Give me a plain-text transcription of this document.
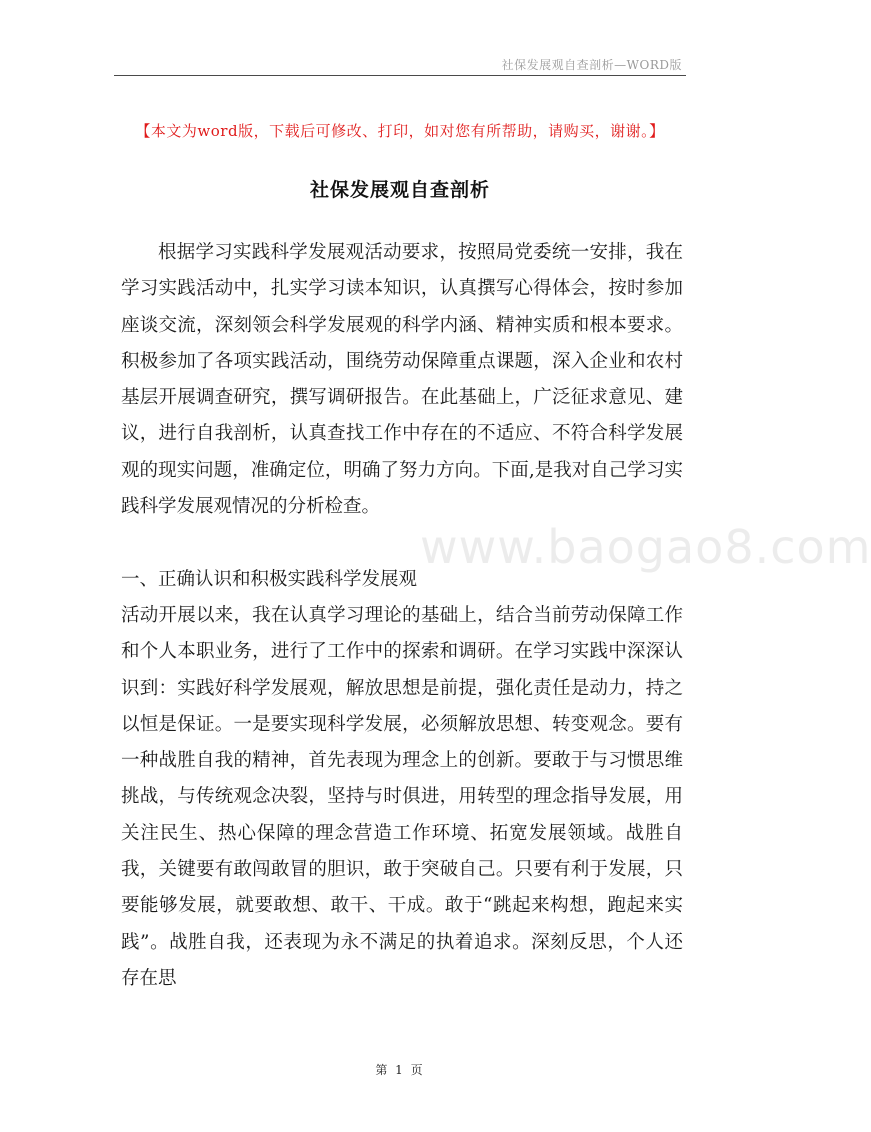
社保发展观自查剖析—WORD版
【本文为word版，下载后可修改、打印，如对您有所帮助，请购买，谢谢。】
社保发展观自查剖析
根据学习实践科学发展观活动要求，按照局党委统一安排，我在学习实践活动中，扎实学习读本知识，认真撰写心得体会，按时参加座谈交流，深刻领会科学发展观的科学内涵、精神实质和根本要求。积极参加了各项实践活动，围绕劳动保障重点课题，深入企业和农村基层开展调查研究，撰写调研报告。在此基础上，广泛征求意见、建议，进行自我剖析，认真查找工作中存在的不适应、不符合科学发展观的现实问题，准确定位，明确了努力方向。下面,是我对自己学习实践科学发展观情况的分析检查。
一、正确认识和积极实践科学发展观
活动开展以来，我在认真学习理论的基础上，结合当前劳动保障工作和个人本职业务，进行了工作中的探索和调研。在学习实践中深深认识到：实践好科学发展观，解放思想是前提，强化责任是动力，持之以恒是保证。一是要实现科学发展，必须解放思想、转变观念。要有一种战胜自我的精神，首先表现为理念上的创新。要敢于与习惯思维挑战，与传统观念决裂，坚持与时俱进，用转型的理念指导发展，用关注民生、热心保障的理念营造工作环境、拓宽发展领域。战胜自我，关键要有敢闯敢冒的胆识，敢于突破自己。只要有利于发展，只要能够发展，就要敢想、敢干、干成。敢于“跳起来构想，跑起来实践”。战胜自我，还表现为永不满足的执着追求。深刻反思，个人还存在思
www.baogao8.com
第 1 页
